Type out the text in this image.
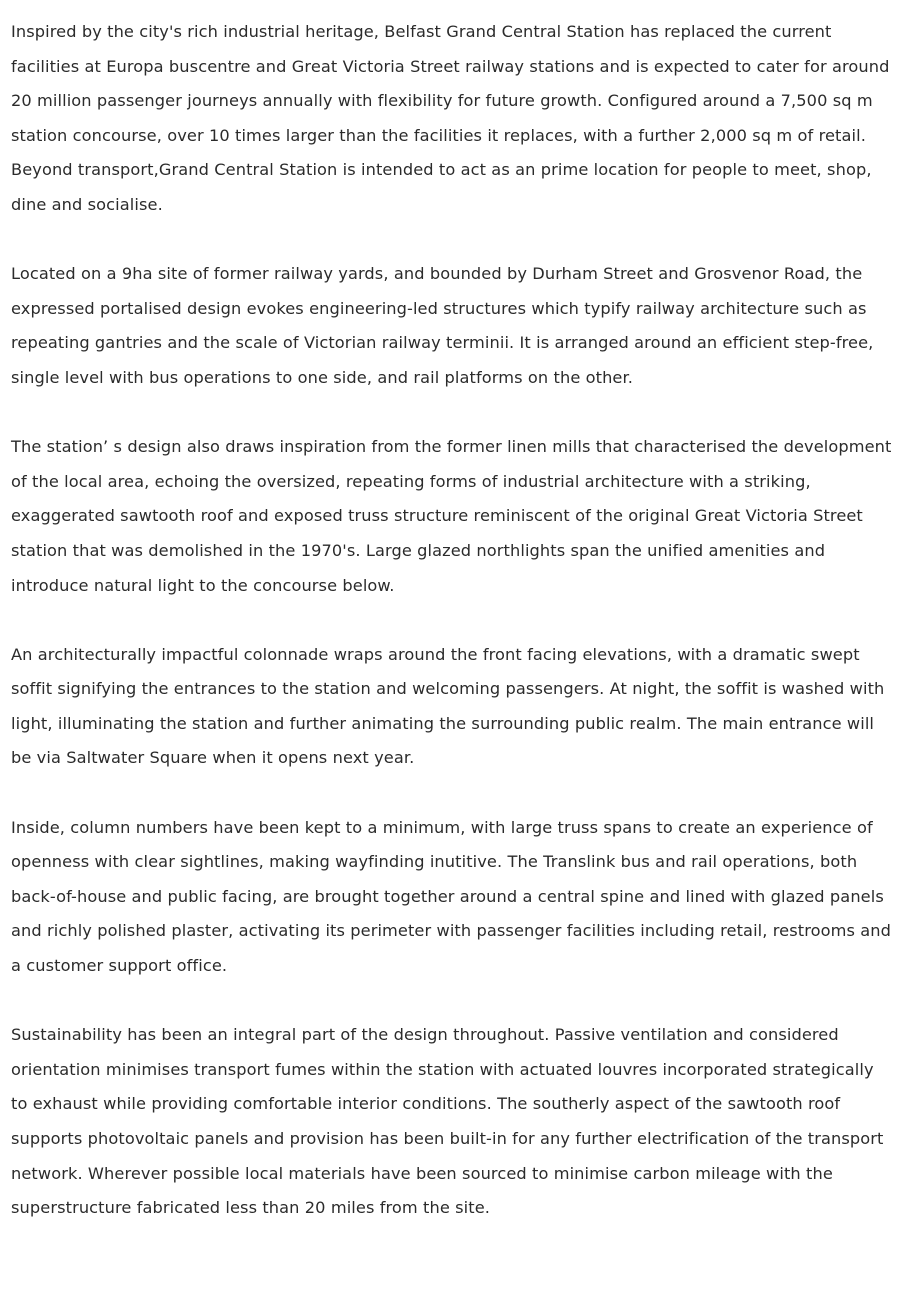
Inspired by the city's rich industrial heritage, Belfast Grand Central Station has replaced the current facilities at Europa buscentre and Great Victoria Street railway stations and is expected to cater for around 20 million passenger journeys annually with flexibility for future growth. Configured around a 7,500 sq m station concourse, over 10 times larger than the facilities it replaces, with a further 2,000 sq m of retail. Beyond transport,Grand Central Station is intended to act as an prime location for people to meet, shop, dine and socialise.

Located on a 9ha site of former railway yards, and bounded by Durham Street and Grosvenor Road, the expressed portalised design evokes engineering-led structures which typify railway architecture such as repeating gantries and the scale of Victorian railway terminii. It is arranged around an efficient step-free, single level with bus operations to one side, and rail platforms on the other.

The station’ s design also draws inspiration from the former linen mills that characterised the development of the local area, echoing the oversized, repeating forms of industrial architecture with a striking, exaggerated sawtooth roof and exposed truss structure reminiscent of the original Great Victoria Street station that was demolished in the 1970's. Large glazed northlights span the unified amenities and introduce natural light to the concourse below.

An architecturally impactful colonnade wraps around the front facing elevations, with a dramatic swept soffit signifying the entrances to the station and welcoming passengers. At night, the soffit is washed with light, illuminating the station and further animating the surrounding public realm. The main entrance will be via Saltwater Square when it opens next year.

Inside, column numbers have been kept to a minimum, with large truss spans to create an experience of openness with clear sightlines, making wayfinding inutitive. The Translink bus and rail operations, both back-of-house and public facing, are brought together around a central spine and lined with glazed panels and richly polished plaster, activating its perimeter with passenger facilities including retail, restrooms and a customer support office.

Sustainability has been an integral part of the design throughout. Passive ventilation and considered orientation minimises transport fumes within the station with actuated louvres incorporated strategically to exhaust while providing comfortable interior conditions. The southerly aspect of the sawtooth roof supports photovoltaic panels and provision has been built-in for any further electrification of the transport network. Wherever possible local materials have been sourced to minimise carbon mileage with the superstructure fabricated less than 20 miles from the site.
